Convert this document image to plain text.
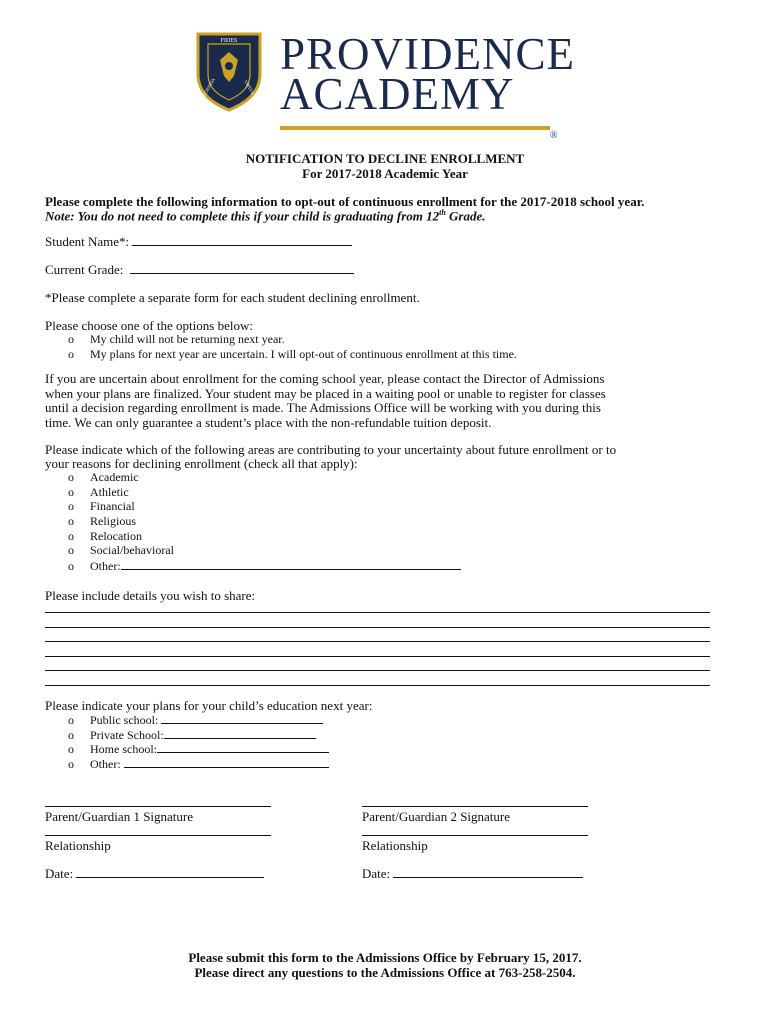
FIDES
SCIENTIA	VIRTUS
PROVIDENCE
ACADEMY
®
NOTIFICATION TO DECLINE ENROLLMENT
For 2017-2018 Academic Year
Please complete the following information to opt-out of continuous enrollment for the 2017-2018 school year.
Note: You do not need to complete this if your child is graduating from 12th Grade.
Student Name*:
Current Grade:
*Please complete a separate form for each student declining enrollment.
Please choose one of the options below:
o My child will not be returning next year.
o My plans for next year are uncertain. I will opt-out of continuous enrollment at this time.
If you are uncertain about enrollment for the coming school year, please contact the Director of Admissions
when your plans are finalized. Your student may be placed in a waiting pool or unable to register for classes
until a decision regarding enrollment is made. The Admissions Office will be working with you during this
time. We can only guarantee a student’s place with the non-refundable tuition deposit.
Please indicate which of the following areas are contributing to your uncertainty about future enrollment or to
your reasons for declining enrollment (check all that apply):
o Academic
o Athletic
o Financial
o Religious
o Relocation
o Social/behavioral
o Other:
Please include details you wish to share:
Please indicate your plans for your child’s education next year:
o Public school:
o Private School:
o Home school:
o Other:
Parent/Guardian 1 Signature	Parent/Guardian 2 Signature
Relationship	Relationship
Date:	Date:
Please submit this form to the Admissions Office by February 15, 2017.
Please direct any questions to the Admissions Office at 763-258-2504.
